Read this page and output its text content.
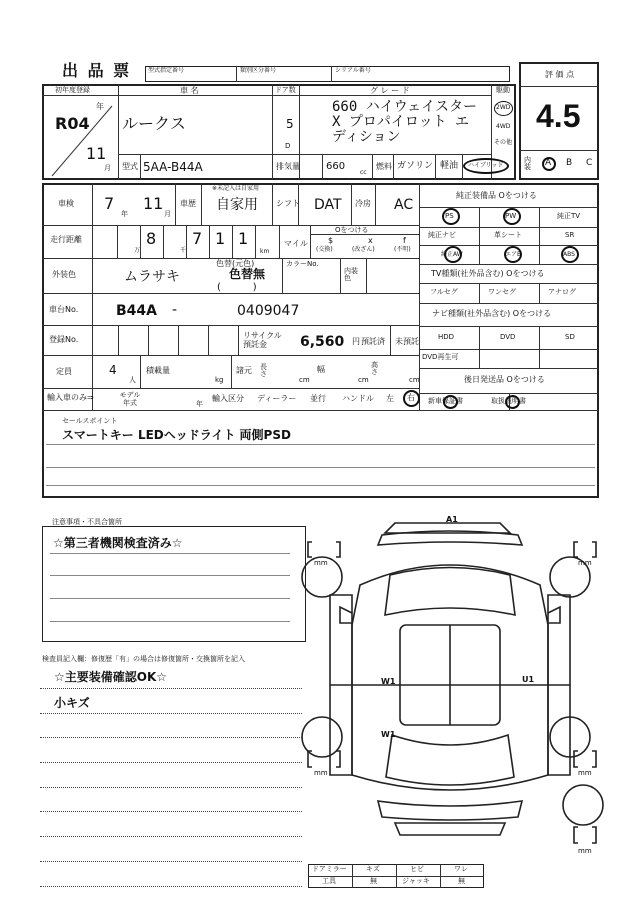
出 品 票	型式指定番号	類別区分番号	シリアル番号	評 価 点
4.5
内装	A B C
初年度登録	車 名	ドア数	グ レ ー ド	駆動
R04
年
11
月
ルークス	5
D
660 ハイウェイスター X プロパイロット エ ディション
2WD
4WD
その他
型式 5AA-B44A	排気量	660
cc
燃料 ガソリン 軽油 ハイブリッド
車検 7
年
11
月
車歴
※未記入は自家用
自家用 シフト DAT 冷房 AC
走行距離	8
万
7
千
1 1
km
マイル
Oをつける
$
(交換)
x
(改ざん)
f
(不明)
外装色	ムラサキ
色替(元色)
色替無
(          )
カラーNo.
内装色
車台No.	B44A -	0409047
登録No.	リサイクル預託金	6,560 円 預託済 未預託
定員	4
人
積載量
kg
諸元 長さ
cm
幅
cm
高さ
cm
輸入車のみ⇒	モデル年式	年
輸入区分 ディーラー 並行 ハンドル 左 右
純正装備品 Oをつける
PS	PW	純正TV
純正ナビ	革シート	SR
純正AW	エアB	ABS
TV種類(社外品含む) Oをつける
フルセグ	ワンセグ	アナログ
ナビ種類(社外品含む) Oをつける
HDD	DVD	SD
DVD再生可
後日発送品 Oをつける
新車保証書	取扱説明書
セールスポイント
スマートキー LEDヘッドライト 両側PSD
注意事項・不具合箇所
☆第三者機関検査済み☆
検査員記入欄：修復歴「有」の場合は修復箇所・交換箇所を記入
☆主要装備確認OK☆
小キズ
A1
W1
W1
U1
mm	mm
mm	mm
mm
ドアミラー	キズ	ヒビ	ワレ
工具	無	ジャッキ	無
